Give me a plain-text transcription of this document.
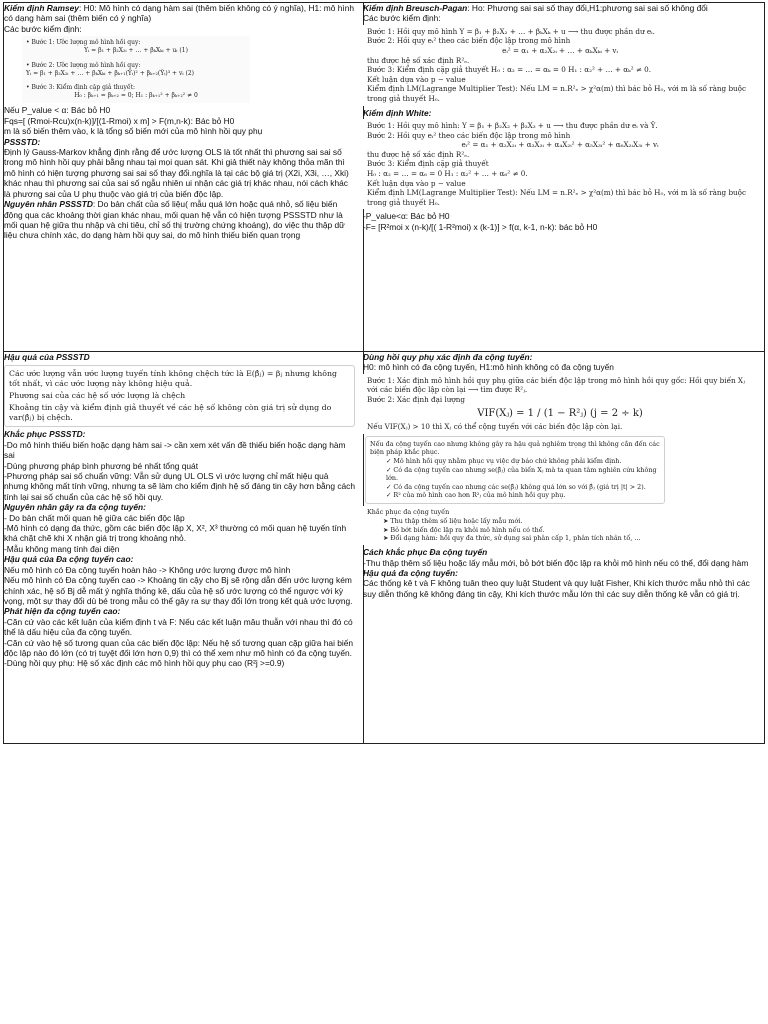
Kiểm định Ramsey: H0: Mô hình có dạng hàm sai (thêm biến không có ý nghĩa), H1: mô hình có dạng hàm sai (thêm biến có ý nghĩa)

Các bước kiểm định:

• Bước 1: Ước lượng mô hình hồi quy:

Yᵢ = β₁ + β₂X₂ᵢ + … + βₖXₖᵢ + uᵢ (1)

• Bước 2: Ước lượng mô hình hồi quy:

Yᵢ = β₁ + β₂X₂ᵢ + … + βₖXₖᵢ + βₖ₊₁(Ŷᵢ)² + βₖ₊₂(Ŷᵢ)³ + vᵢ (2)

• Bước 3: Kiểm định cặp giả thuyết:

H₀ : βₖ₊₁ = βₖ₊₂ = 0; H₁ : βₖ₊₁² + βₖ₊₂² ≠ 0

Nếu P_value < α: Bác bỏ H0

Fqs=[ (Rmoi-Rcu)x(n-k)]/[(1-Rmoi) x m] > F(m,n-k): Bác bỏ H0

m là số biến thêm vào, k là tổng số biến mới của mô hình hồi quy phụ

PSSSTD:

Định lý Gauss-Markov khẳng định rằng để ước lượng OLS là tốt nhất thì phương sai sai số trong mô hình hồi quy phải bằng nhau tại mọi quan sát. Khi giả thiết này không thỏa mãn thì mô hình có hiện tượng phương sai sai số thay đổi.nghĩa là tại các bộ giá trị (X2i, X3i, …, Xki) khác nhau thì phương sai của sai số ngẫu nhiên ui nhận các giá trị khác nhau, nói cách khác là phương sai của U phụ thuộc vào giá trị của biến độc lập.

Nguyên nhân PSSSTD: Do bản chất của số liệu( mẫu quá lớn hoặc quá nhỏ, số liệu biến động qua các khoảng thời gian khác nhau, mối quan hệ vẫn có hiện tượng PSSSTD như là mối quan hệ giữa thu nhập và chi tiêu, chỉ số thị trường chứng khoáng), do việc thu thập dữ liệu chưa chính xác, do dạng hàm hồi quy sai, do mô hình thiếu biến quan trọng

Kiểm định Breusch-Pagan: Ho: Phương sai sai số thay đổi,H1:phương sai sai số không đổi

Các bước kiểm định:

Bước 1: Hồi quy mô hình Y = β₁ + β₂X₂ + … + βₖXₖ + u ⟶ thu được phần dư eᵢ.

Bước 2: Hồi quy eᵢ² theo các biến độc lập trong mô hình

eᵢ² = α₁ + α₂X₂ᵢ + … + αₖXₖᵢ + vᵢ

thu được hệ số xác định R²ₑ.

Bước 3: Kiểm định cặp giả thuyết H₀ : α₂ = … = αₖ = 0 H₁ : α₂² + … + αₖ² ≠ 0.

Kết luận dựa vào p − value

Kiểm định LM(Lagrange Multiplier Test): Nếu LM = n.R²ₑ > χ²α(m) thì bác bỏ H₀, với m là số ràng buộc trong giả thuyết H₀.

Kiểm định White:

Bước 1: Hồi quy mô hình: Y = β₁ + β₂X₂ + β₃X₃ + u ⟶ thu được phần dư eᵢ và Ŷ.

Bước 2: Hồi quy eᵢ² theo các biến độc lập trong mô hình

eᵢ² = α₁ + α₂X₂ᵢ + α₃X₃ᵢ + α₄X₂ᵢ² + α₅X₃ᵢ² + α₆X₂ᵢX₃ᵢ + vᵢ

thu được hệ số xác định R²ₑ.

Bước 3: Kiểm định cặp giả thuyết

H₀ : α₂ = … = α₆ = 0 H₁ : α₂² + … + α₆² ≠ 0.

Kết luận dựa vào p − value

Kiểm định LM(Lagrange Multiplier Test): Nếu LM = n.R²ₑ > χ²α(m) thì bác bỏ H₀, với m là số ràng buộc trong giả thuyết H₀.

-P_value<α: Bác bỏ H0

-F= [R²moi x (n-k)/[( 1-R²moi) x (k-1)] > f(α, k-1, n-k): bác bỏ H0

Hậu quả của PSSSTD

Các ước lượng vẫn ước lượng tuyến tính không chệch tức là E(β̂ⱼ) = βⱼ nhưng không tốt nhất, vì các ước lượng này không hiệu quả.

Phương sai của các hệ số ước lượng là chệch

Khoảng tin cậy và kiểm định giả thuyết về các hệ số không còn giá trị sử dụng do var(β̂ⱼ) bị chệch.

Khắc phục PSSSTD:

-Do mô hình thiếu biến hoặc dạng hàm sai -> cần xem xét vấn đề thiếu biến hoặc dạng hàm sai

-Dùng phương pháp bình phương bé nhất tổng quát

-Phương pháp sai số chuẩn vững: Vẫn sử dụng UL OLS vì ước lượng chỉ mất hiệu quả nhưng không mất tính vững, nhưng ta sẽ làm cho kiểm định hệ số đáng tin cậy hơn bằng cách tính lại sai số chuẩn của các hệ số hồi quy.

Nguyên nhân gây ra đa cộng tuyến:

- Do bản chất mối quan hệ giữa các biến độc lập

-Mô hình có dạng đa thức, gồm các biến độc lập X, X², X³ thường có mối quan hệ tuyến tính khá chặt chẽ khi X nhận giá trị trong khoảng nhỏ.

-Mẫu không mang tính đại diện

Hậu quả của Đa cộng tuyến cao:

Nếu mô hình có Đa cộng tuyến hoàn hảo -> Không ước lượng được mô hình

Nếu mô hình có Đa cộng tuyến cao -> Khoảng tin cậy cho Bj sẽ rộng dẫn đến ước lượng kém chính xác, hệ số Bj dễ mất ý nghĩa thống kê, dấu của hệ số ước lượng có thể ngược với kỳ vọng, một sự thay đổi dù bé trong mẫu có thể gây ra sự thay đổi lớn trong kết quả ước lượng.

Phát hiện đa cộng tuyến cao:

-Căn cứ vào các kết luận của kiểm định t và F: Nếu các kết luận mâu thuẫn với nhau thì đó có thể là dấu hiệu của đa cộng tuyến.

-Căn cứ vào hệ số tương quan của các biến độc lập: Nếu hệ số tương quan cặp giữa hai biến độc lập nào đó lớn (có trị tuyệt đối lớn hơn 0,9) thì có thể xem như mô hình có đa cộng tuyến.

-Dùng hồi quy phụ: Hệ số xác định các mô hình hồi quy phụ cao (R²j >=0.9)

Dùng hồi quy phụ xác định đa cộng tuyến:

H0: mô hình có đa cộng tuyến, H1:mô hình không có đa cộng tuyến

Bước 1: Xác định mô hình hồi quy phụ giữa các biến độc lập trong mô hình hồi quy gốc: Hồi quy biến Xⱼ với các biến độc lập còn lại ⟶ tìm được R²ⱼ.

Bước 2: Xác định đại lượng

VIF(Xⱼ) = 1 / (1 − R²ⱼ) (j = 2 ÷ k)

Nếu VIF(Xⱼ) > 10 thì Xⱼ có thể cộng tuyến với các biến độc lập còn lại.

Nếu đa cộng tuyến cao nhưng không gây ra hậu quả nghiêm trọng thì không cần đến các biện pháp khắc phục.

✓ Mô hình hồi quy nhằm phục vụ việc dự báo chứ không phải kiểm định.

✓ Có đa cộng tuyến cao nhưng se(β̂ⱼ) của biến Xⱼ mà ta quan tâm nghiên cứu không lớn.

✓ Có đa cộng tuyến cao nhưng các se(β̂ⱼ) không quá lớn so với β̂ⱼ (giá trị |t| > 2).

✓ R² của mô hình cao hơn R²ⱼ của mô hình hồi quy phụ.

Khắc phục đa cộng tuyến

➤ Thu thập thêm số liệu hoặc lấy mẫu mới.

➤ Bỏ bớt biến độc lập ra khỏi mô hình nếu có thể.

➤ Đổi dạng hàm: hồi quy đa thức, sử dụng sai phân cấp 1, phân tích nhân tố, ...

Cách khắc phục Đa cộng tuyến

-Thu thập thêm số liệu hoặc lấy mẫu mới, bỏ bớt biến độc lập ra khỏi mô hình nếu có thể, đổi dạng hàm

Hậu quả đa cộng tuyến:

Các thống kê t và F không tuân theo quy luật Student và quy luật Fisher, Khi kích thước mẫu nhỏ thì các suy diễn thống kê không đáng tin cậy, Khi kích thước mẫu lớn thì các suy diễn thống kê vẫn có giá trị.
